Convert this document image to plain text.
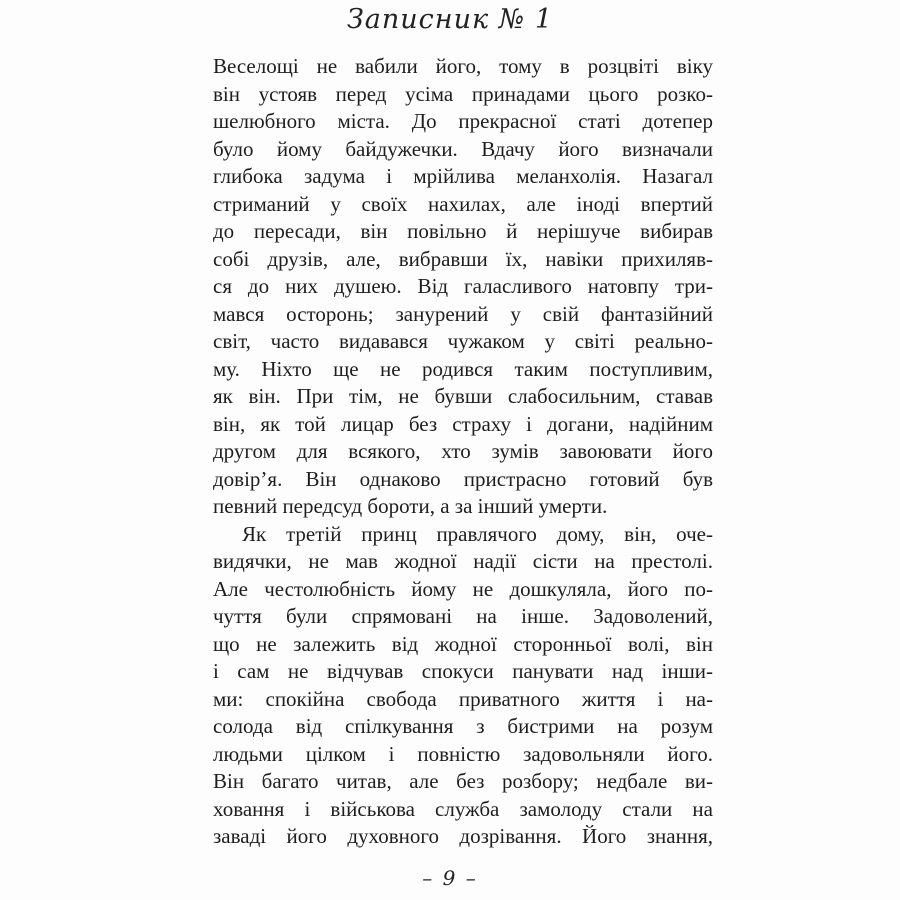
Записник № 1
Веселощі не вабили його, тому в розцвіті віку
він устояв перед усіма принадами цього розко-
шелюбного міста. До прекрасної статі дотепер
було йому байдужечки. Вдачу його визначали
глибока задума і мрійлива меланхолія. Назагал
стриманий у своїх нахилах, але іноді впертий
до пересади, він повільно й нерішуче вибирав
собі друзів, але, вибравши їх, навіки прихиляв-
ся до них душею. Від галасливого натовпу три-
мався осторонь; занурений у свій фантазійний
світ, часто видавався чужаком у світі реально-
му. Ніхто ще не родився таким поступливим,
як він. При тім, не бувши слабосильним, ставав
він, як той лицар без страху і догани, надійним
другом для всякого, хто зумів завоювати його
довір’я. Він однаково пристрасно готовий був
певний передсуд бороти, а за інший умерти.
Як третій принц правлячого дому, він, оче-
видячки, не мав жодної надії сісти на престолі.
Але честолюбність йому не дошкуляла, його по-
чуття були спрямовані на інше. Задоволений,
що не залежить від жодної сторонньої волі, він
і сам не відчував спокуси панувати над інши-
ми: спокійна свобода приватного життя і на-
солода від спілкування з бистрими на розум
людьми цілком і повністю задовольняли його.
Він багато читав, але без розбору; недбале ви-
ховання і військова служба замолоду стали на
заваді його духовного дозрівання. Його знання,
– 9 –
